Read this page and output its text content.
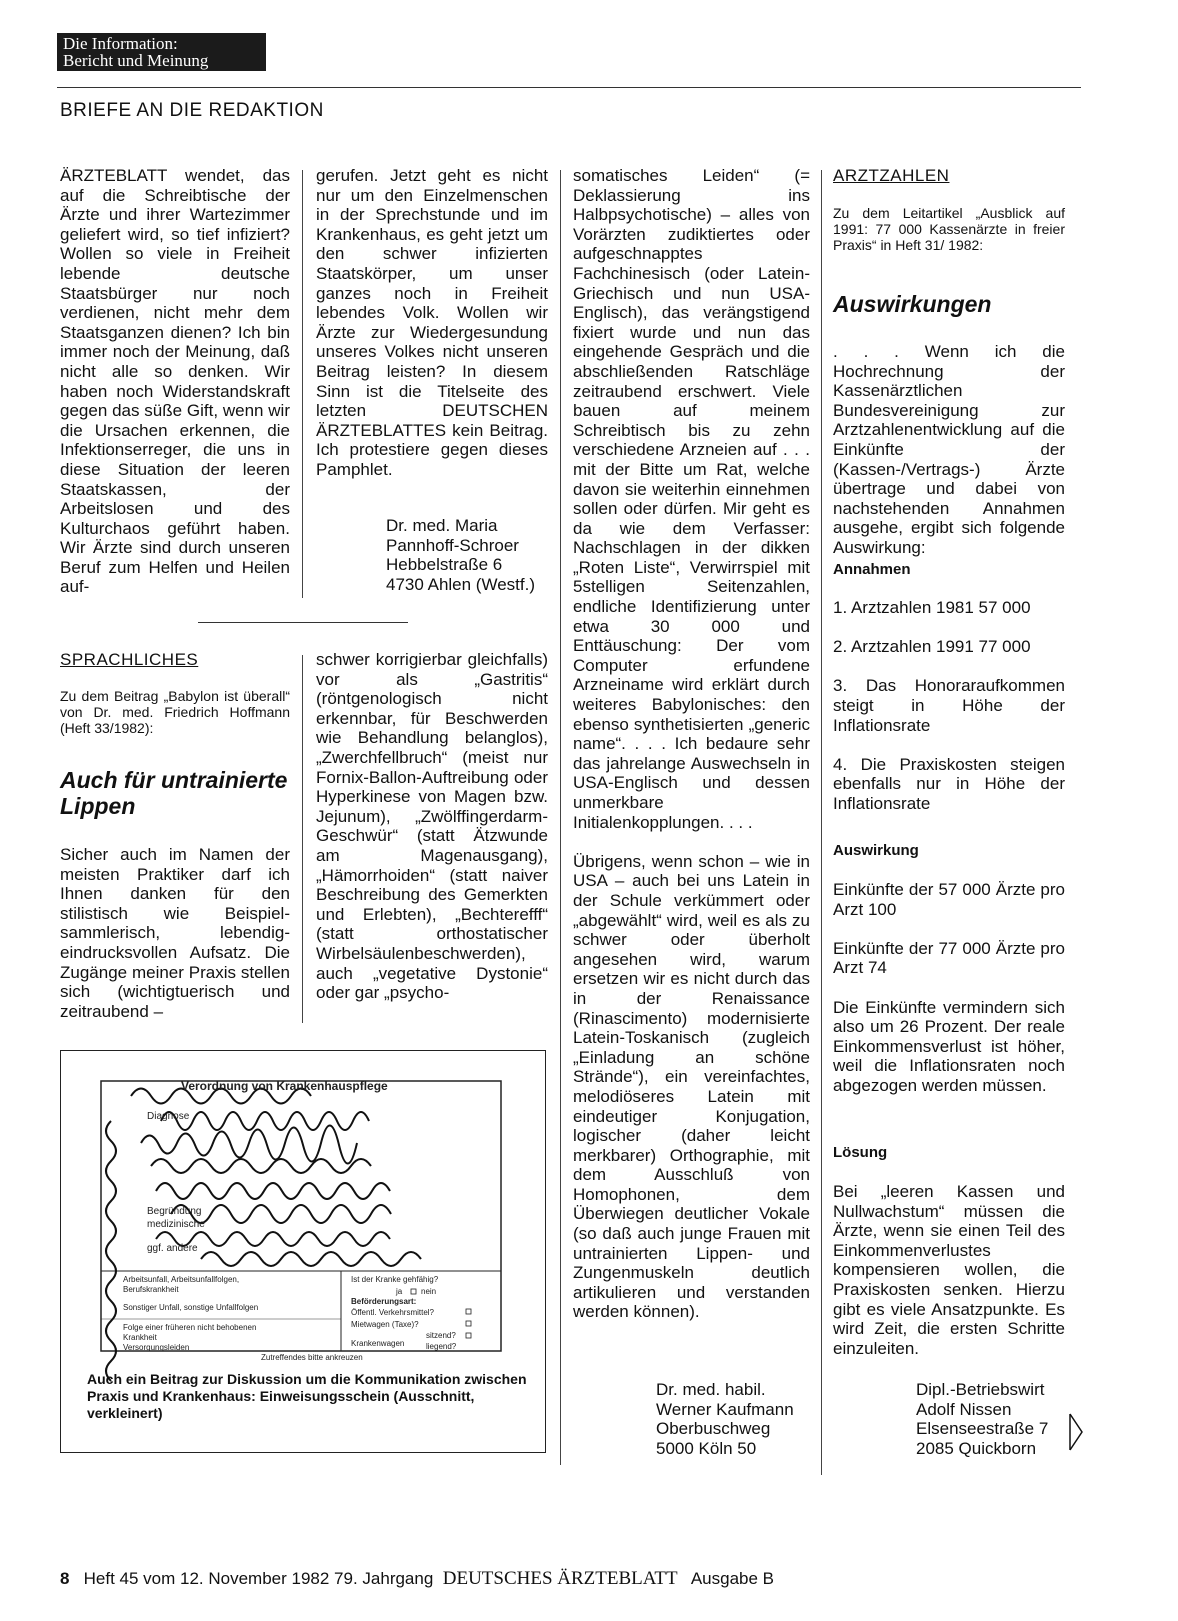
Die Information:
Bericht und Meinung
BRIEFE AN DIE REDAKTION

ÄRZTEBLATT wendet, das auf die Schreibtische der Ärzte und ihrer Wartezimmer geliefert wird, so tief infiziert? Wollen so viele in Freiheit lebende deutsche Staatsbürger nur noch verdienen, nicht mehr dem Staatsganzen dienen? Ich bin immer noch der Meinung, daß nicht alle so denken. Wir haben noch Widerstandskraft gegen das süße Gift, wenn wir die Ursachen erkennen, die Infektionserreger, die uns in diese Situation der leeren Staatskassen, der Arbeitslosen und des Kulturchaos geführt haben. Wir Ärzte sind durch unseren Beruf zum Helfen und Heilen auf-

gerufen. Jetzt geht es nicht nur um den Einzelmenschen in der Sprechstunde und im Krankenhaus, es geht jetzt um den schwer infizierten Staatskörper, um unser ganzes noch in Freiheit lebendes Volk. Wollen wir Ärzte zur Wiedergesundung unseres Volkes nicht unseren Beitrag leisten? In diesem Sinn ist die Titelseite des letzten DEUTSCHEN ÄRZTEBLATTES kein Beitrag. Ich protestiere gegen dieses Pamphlet.

Dr. med. Maria
Pannhoff-Schroer
Hebbelstraße 6
4730 Ahlen (Westf.)
SPRACHLICHES
Zu dem Beitrag „Babylon ist überall“ von Dr. med. Friedrich Hoffmann (Heft 33/1982):
Auch für untrainierte Lippen

Sicher auch im Namen der meisten Praktiker darf ich Ihnen danken für den stilistisch wie Beispiel-sammlerisch, lebendig-eindrucksvollen Aufsatz. Die Zugänge meiner Praxis stellen sich (wichtigtuerisch und zeitraubend –

schwer korrigierbar gleichfalls) vor als „Gastritis“ (röntgenologisch nicht erkennbar, für Beschwerden wie Behandlung belanglos), „Zwerchfellbruch“ (meist nur Fornix-Ballon-Auftreibung oder Hyperkinese von Magen bzw. Jejunum), „Zwölffingerdarm-Geschwür“ (statt Ätzwunde am Magenausgang), „Hämorrhoiden“ (statt naiver Beschreibung des Gemerkten und Erlebten), „Bechterefff“ (statt orthostatischer Wirbelsäulenbeschwerden), auch „vegetative Dystonie“ oder gar „psycho-

Verordnung von Krankenhauspflege
Diagnose
Begründung
medizinische
ggf. andere
Arbeitsunfall, Arbeitsunfallfolgen,
Berufskrankheit
Sonstiger Unfall, sonstige Unfallfolgen
Folge einer früheren nicht behobenen
Krankheit
Versorgungsleiden
Ist der Kranke gehfähig?
ja nein
Beförderungsart:
Öffentl. Verkehrsmittel?
Mietwagen (Taxe)?
sitzend?
Krankenwagen	liegend?
Zutreffendes bitte ankreuzen
Auch ein Beitrag zur Diskussion um die Kommunikation zwischen Praxis und Krankenhaus: Einweisungsschein (Ausschnitt, verkleinert)

somatisches Leiden“ (= Deklassierung ins Halbpsychotische) – alles von Vorärzten zudiktiertes oder aufgeschnapptes Fachchinesisch (oder Latein-Griechisch und nun USA-Englisch), das verängstigend fixiert wurde und nun das eingehende Gespräch und die abschließenden Ratschläge zeitraubend erschwert. Viele bauen auf meinem Schreibtisch bis zu zehn verschiedene Arzneien auf . . . mit der Bitte um Rat, welche davon sie weiterhin einnehmen sollen oder dürfen. Mir geht es da wie dem Verfasser: Nachschlagen in der dikken „Roten Liste“, Verwirrspiel mit 5stelligen Seitenzahlen, endliche Identifizierung unter etwa 30 000 und Enttäuschung: Der vom Computer erfundene Arzneiname wird erklärt durch weiteres Babylonisches: den ebenso synthetisierten „generic name“. . . . Ich bedaure sehr das jahrelange Auswechseln in USA-Englisch und dessen unmerkbare Initialenkopplungen. . . .

Übrigens, wenn schon – wie in USA – auch bei uns Latein in der Schule verkümmert oder „abgewählt“ wird, weil es als zu schwer oder überholt angesehen wird, warum ersetzen wir es nicht durch das in der Renaissance (Rinascimento) modernisierte Latein-Toskanisch (zugleich „Einladung an schöne Strände“), ein vereinfachtes, melodiöseres Latein mit eindeutiger Konjugation, logischer (daher leicht merkbarer) Orthographie, mit dem Ausschluß von Homophonen, dem Überwiegen deutlicher Vokale (so daß auch junge Frauen mit untrainierten Lippen- und Zungenmuskeln deutlich artikulieren und verstanden werden können).

Dr. med. habil.
Werner Kaufmann
Oberbuschweg
5000 Köln 50
ARZTZAHLEN
Zu dem Leitartikel „Ausblick auf 1991: 77 000 Kassenärzte in freier Praxis“ in Heft 31/ 1982:
Auswirkungen

. . . Wenn ich die Hochrechnung der Kassenärztlichen Bundesvereinigung zur Arztzahlenentwicklung auf die Einkünfte der (Kassen-/Vertrags-) Ärzte übertrage und dabei von nachstehenden Annahmen ausgehe, ergibt sich folgende Auswirkung:

Annahmen

1. Arztzahlen 1981 57 000

2. Arztzahlen 1991 77 000

3. Das Honoraraufkommen steigt in Höhe der Inflationsrate

4. Die Praxiskosten steigen ebenfalls nur in Höhe der Inflationsrate

Auswirkung

Einkünfte der 57 000 Ärzte pro Arzt 100

Einkünfte der 77 000 Ärzte pro Arzt 74

Die Einkünfte vermindern sich also um 26 Prozent. Der reale Einkommensverlust ist höher, weil die Inflationsraten noch abgezogen werden müssen.

Lösung

Bei „leeren Kassen und Nullwachstum“ müssen die Ärzte, wenn sie einen Teil des Einkommenverlustes kompensieren wollen, die Praxiskosten senken. Hierzu gibt es viele Ansatzpunkte. Es wird Zeit, die ersten Schritte einzuleiten.

Dipl.-Betriebswirt
Adolf Nissen
Elsenseestraße 7
2085 Quickborn
8 Heft 45 vom 12. November 1982 79. Jahrgang DEUTSCHES ÄRZTEBLATT Ausgabe B
